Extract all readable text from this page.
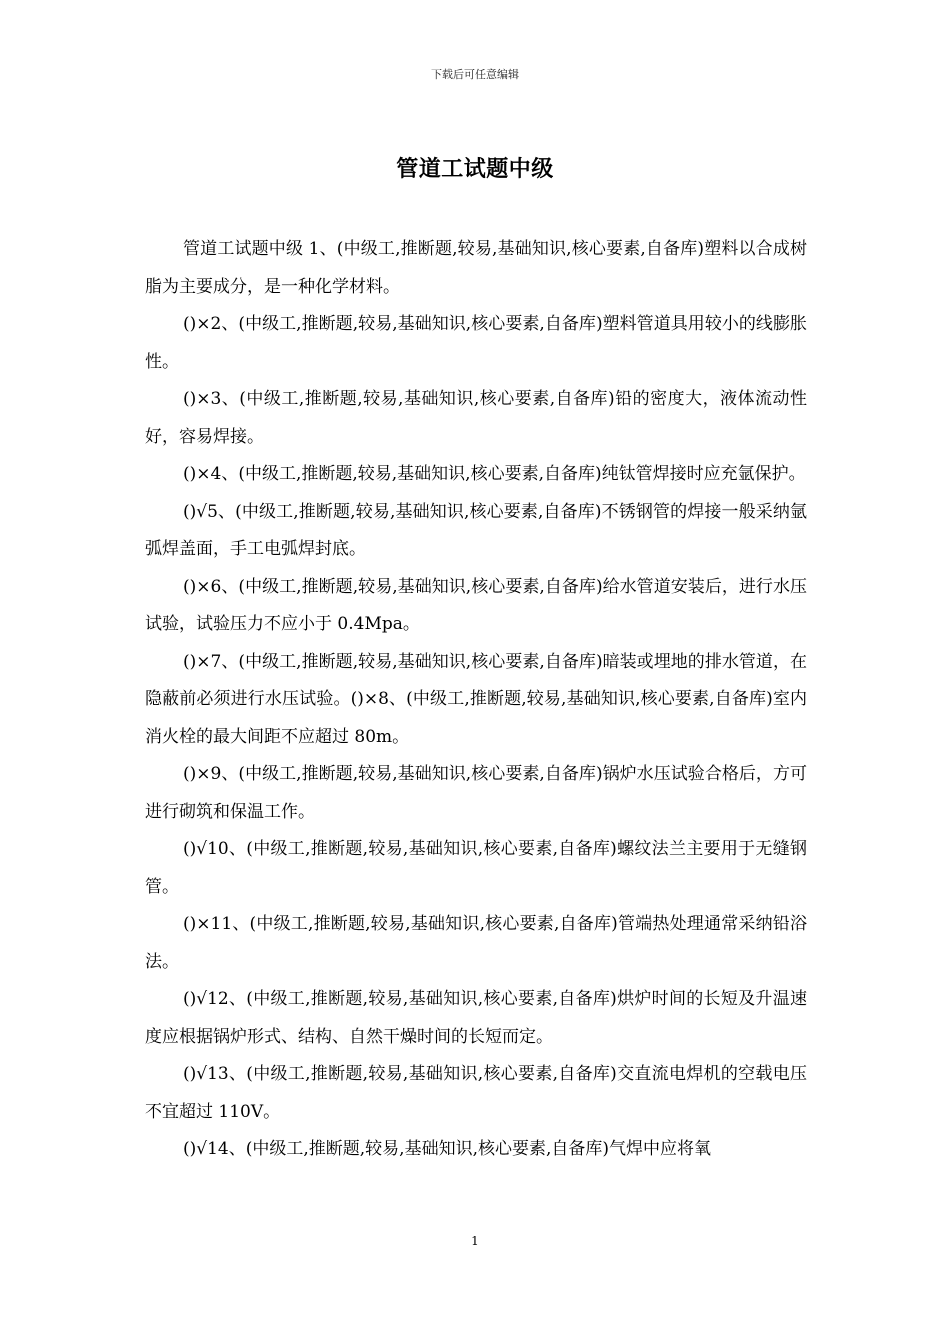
下载后可任意编辑
管道工试题中级

管道工试题中级 1、(中级工,推断题,较易,基础知识,核心要素,自备库)塑料以合成树脂为主要成分，是一种化学材料。

()×2、(中级工,推断题,较易,基础知识,核心要素,自备库)塑料管道具用较小的线膨胀性。

()×3、(中级工,推断题,较易,基础知识,核心要素,自备库)铅的密度大，液体流动性好，容易焊接。

()×4、(中级工,推断题,较易,基础知识,核心要素,自备库)纯钛管焊接时应充氩保护。

()√5、(中级工,推断题,较易,基础知识,核心要素,自备库)不锈钢管的焊接一般采纳氩弧焊盖面，手工电弧焊封底。

()×6、(中级工,推断题,较易,基础知识,核心要素,自备库)给水管道安装后，进行水压试验，试验压力不应小于 0.4Mpa。

()×7、(中级工,推断题,较易,基础知识,核心要素,自备库)暗装或埋地的排水管道，在隐蔽前必须进行水压试验。()×8、(中级工,推断题,较易,基础知识,核心要素,自备库)室内消火栓的最大间距不应超过 80m。

()×9、(中级工,推断题,较易,基础知识,核心要素,自备库)锅炉水压试验合格后，方可进行砌筑和保温工作。

()√10、(中级工,推断题,较易,基础知识,核心要素,自备库)螺纹法兰主要用于无缝钢管。

()×11、(中级工,推断题,较易,基础知识,核心要素,自备库)管端热处理通常采纳铅浴法。

()√12、(中级工,推断题,较易,基础知识,核心要素,自备库)烘炉时间的长短及升温速度应根据锅炉形式、结构、自然干燥时间的长短而定。

()√13、(中级工,推断题,较易,基础知识,核心要素,自备库)交直流电焊机的空载电压不宜超过 110V。

()√14、(中级工,推断题,较易,基础知识,核心要素,自备库)气焊中应将氧

1
